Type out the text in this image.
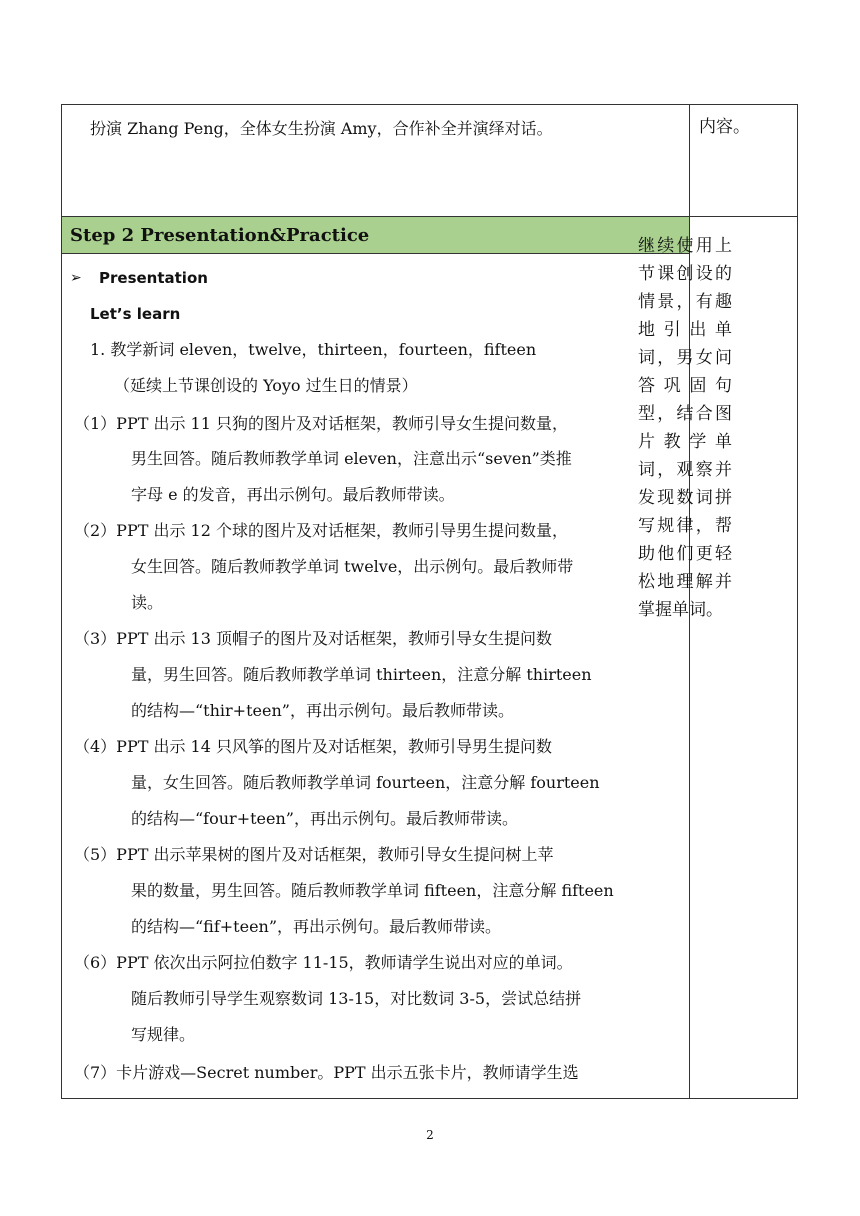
扮演 Zhang Peng，全体女生扮演 Amy，合作补全并演绎对话。	内容。
Step 2 Presentation&Practice
➢ Presentation
Let’s learn
1. 教学新词 eleven，twelve，thirteen，fourteen，fifteen
（延续上节课创设的 Yoyo 过生日的情景）
（1）PPT 出示 11 只狗的图片及对话框架，教师引导女生提问数量，
男生回答。随后教师教学单词 eleven，注意出示“seven”类推
字母 e 的发音，再出示例句。最后教师带读。
（2）PPT 出示 12 个球的图片及对话框架，教师引导男生提问数量，
女生回答。随后教师教学单词 twelve，出示例句。最后教师带
读。
（3）PPT 出示 13 顶帽子的图片及对话框架，教师引导女生提问数
量，男生回答。随后教师教学单词 thirteen，注意分解 thirteen
的结构—“thir+teen”，再出示例句。最后教师带读。
（4）PPT 出示 14 只风筝的图片及对话框架，教师引导男生提问数
量，女生回答。随后教师教学单词 fourteen，注意分解 fourteen
的结构—“four+teen”，再出示例句。最后教师带读。
（5）PPT 出示苹果树的图片及对话框架，教师引导女生提问树上苹
果的数量，男生回答。随后教师教学单词 fifteen，注意分解 fifteen
的结构—“fif+teen”，再出示例句。最后教师带读。
（6）PPT 依次出示阿拉伯数字 11-15，教师请学生说出对应的单词。
随后教师引导学生观察数词 13-15，对比数词 3-5，尝试总结拼
写规律。
（7）卡片游戏—Secret number。PPT 出示五张卡片，教师请学生选
继续使用上节课创设的情景，有趣地引出单词，男女问答巩固句型，结合图片教学单词，观察并发现数词拼写规律，帮助他们更轻松地理解并掌握单词。
2
